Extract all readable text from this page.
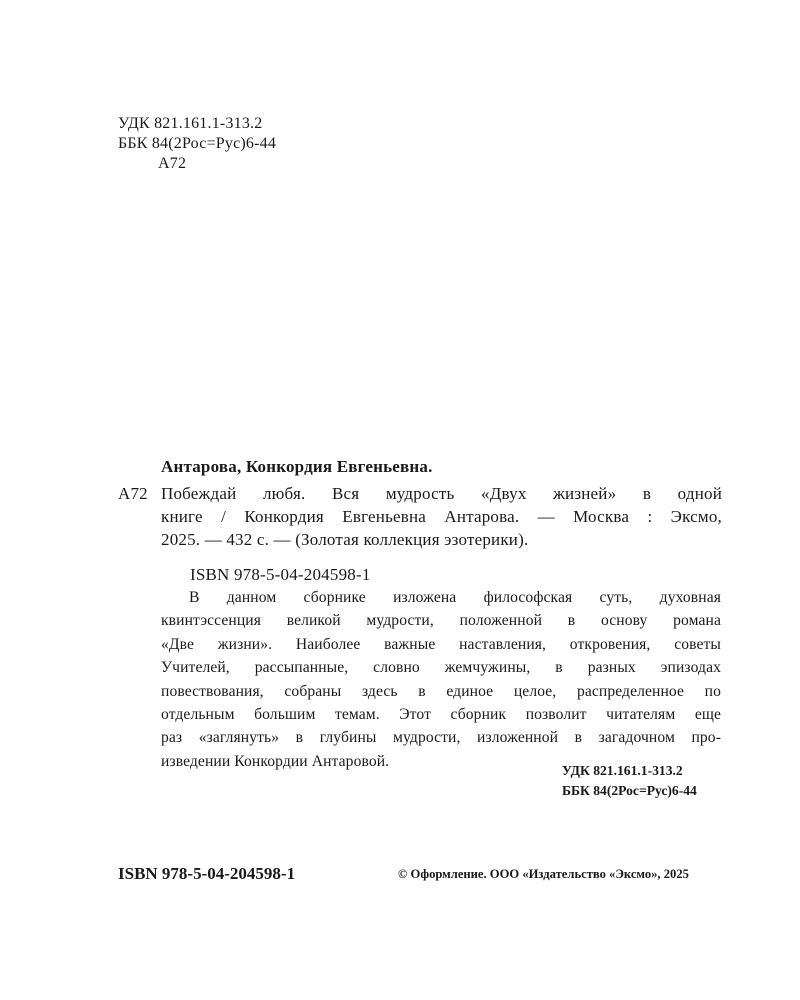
УДК 821.161.1-313.2
ББК 84(2Рос=Рус)6-44
А72
Антарова, Конкордия Евгеньевна.
А72 Побеждай любя. Вся мудрость «Двух жизней» в одной
книге / Конкордия Евгеньевна Антарова. — Москва : Эксмо,
2025. — 432 с. — (Золотая коллекция эзотерики).
ISBN 978-5-04-204598-1
В данном сборнике изложена философская суть, духовная
квинтэссенция великой мудрости, положенной в основу романа
«Две жизни». Наиболее важные наставления, откровения, советы
Учителей, рассыпанные, словно жемчужины, в разных эпизодах
повествования, собраны здесь в единое целое, распределенное по
отдельным большим темам. Этот сборник позволит читателям еще
раз «заглянуть» в глубины мудрости, изложенной в загадочном про-
изведении Конкордии Антаровой.
УДК 821.161.1-313.2
ББК 84(2Рос=Рус)6-44
ISBN 978-5-04-204598-1	© Оформление. ООО «Издательство «Эксмо», 2025
